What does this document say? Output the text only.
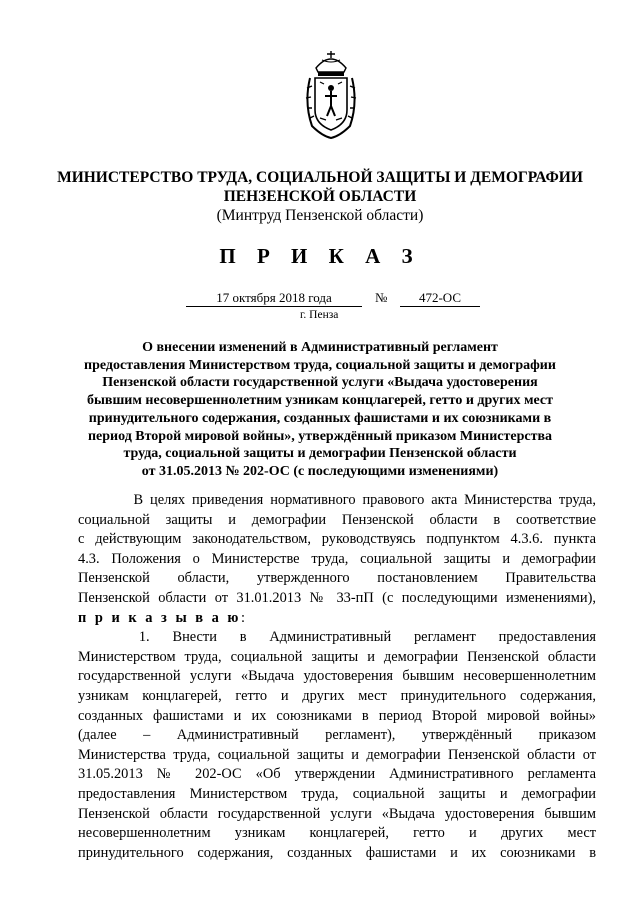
МИНИСТЕРСТВО ТРУДА, СОЦИАЛЬНОЙ ЗАЩИТЫ И ДЕМОГРАФИИ
ПЕНЗЕНСКОЙ ОБЛАСТИ
(Минтруд Пензенской области)
П Р И К А З
17 октября 2018 года	№	472-ОС
г. Пенза
О внесении изменений в Административный регламент
предоставления Министерством труда, социальной защиты и демографии
Пензенской области государственной услуги «Выдача удостоверения
бывшим несовершеннолетним узникам концлагерей, гетто и других мест
принудительного содержания, созданных фашистами и их союзниками в
период Второй мировой войны», утверждённый приказом Министерства
труда, социальной защиты и демографии Пензенской области
от 31.05.2013 № 202-ОС (с последующими изменениями)
В целях приведения нормативного правового акта Министерства труда,
социальной защиты и демографии Пензенской области в соответствие
с действующим законодательством, руководствуясь подпунктом 4.3.6. пункта
4.3. Положения о Министерстве труда, социальной защиты и демографии
Пензенской области, утвержденного постановлением Правительства
Пензенской области от 31.01.2013 № 33-пП (с последующими изменениями),
п р и к а з ы в а ю:
1.   Внести   в   Административный   регламент   предоставления
Министерством труда, социальной защиты и демографии Пензенской области
государственной услуги «Выдача удостоверения бывшим несовершеннолетним
узникам концлагерей, гетто и других мест принудительного содержания,
созданных фашистами и их союзниками в период Второй мировой войны»
(далее – Административный регламент), утверждённый приказом
Министерства труда, социальной защиты и демографии Пензенской области от
31.05.2013 № 202-ОС «Об утверждении Административного регламента
предоставления Министерством труда, социальной защиты и демографии
Пензенской области государственной услуги «Выдача удостоверения бывшим
несовершеннолетним узникам концлагерей, гетто и других мест
принудительного содержания, созданных фашистами и их союзниками в
